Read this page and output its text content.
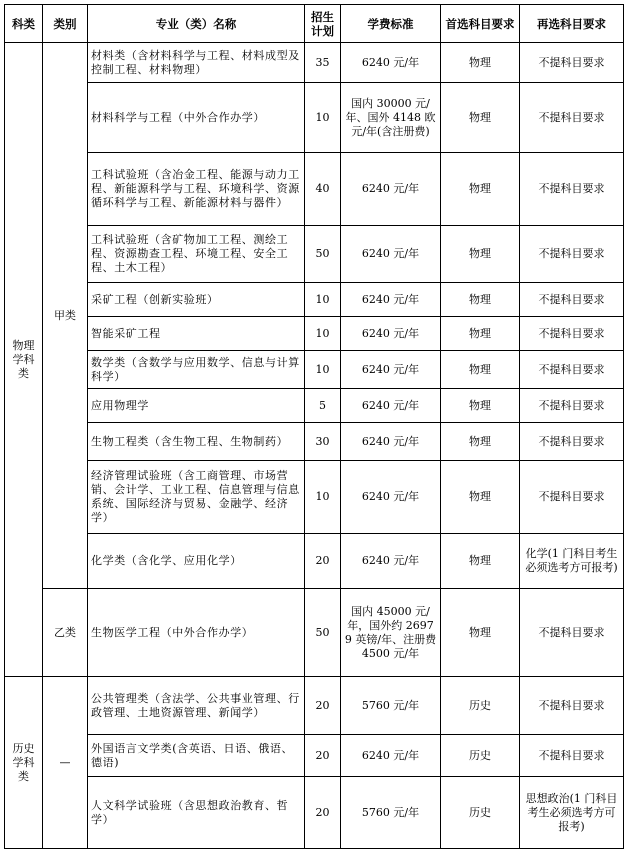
科类	类别	专业（类）名称	招生计划	学费标准	首选科目要求	再选科目要求
物理学科类	甲类	材料类（含材料科学与工程、材料成型及控制工程、材料物理）	35	6240 元/年	物理	不提科目要求
		材料科学与工程（中外合作办学）	10	国内 30000 元/年、国外 4148 欧元/年(含注册费)	物理	不提科目要求
		工科试验班（含冶金工程、能源与动力工程、新能源科学与工程、环境科学、资源循环科学与工程、新能源材料与器件）	40	6240 元/年	物理	不提科目要求
		工科试验班（含矿物加工工程、测绘工程、资源勘查工程、环境工程、安全工程、土木工程）	50	6240 元/年	物理	不提科目要求
		采矿工程（创新实验班）	10	6240 元/年	物理	不提科目要求
		智能采矿工程	10	6240 元/年	物理	不提科目要求
		数学类（含数学与应用数学、信息与计算科学）	10	6240 元/年	物理	不提科目要求
		应用物理学	5	6240 元/年	物理	不提科目要求
		生物工程类（含生物工程、生物制药）	30	6240 元/年	物理	不提科目要求
		经济管理试验班（含工商管理、市场营销、会计学、工业工程、信息管理与信息系统、国际经济与贸易、金融学、经济学）	10	6240 元/年	物理	不提科目要求
		化学类（含化学、应用化学）	20	6240 元/年	物理	化学(1 门科目考生必须选考方可报考)
	乙类	生物医学工程（中外合作办学）	50	国内 45000 元/年，国外约 26979 英镑/年、注册费 4500 元/年	物理	不提科目要求
历史学科类	—	公共管理类（含法学、公共事业管理、行政管理、土地资源管理、新闻学）	20	5760 元/年	历史	不提科目要求
		外国语言文学类(含英语、日语、俄语、德语)	20	6240 元/年	历史	不提科目要求
		人文科学试验班（含思想政治教育、哲学）	20	5760 元/年	历史	思想政治(1 门科目考生必须选考方可报考)
